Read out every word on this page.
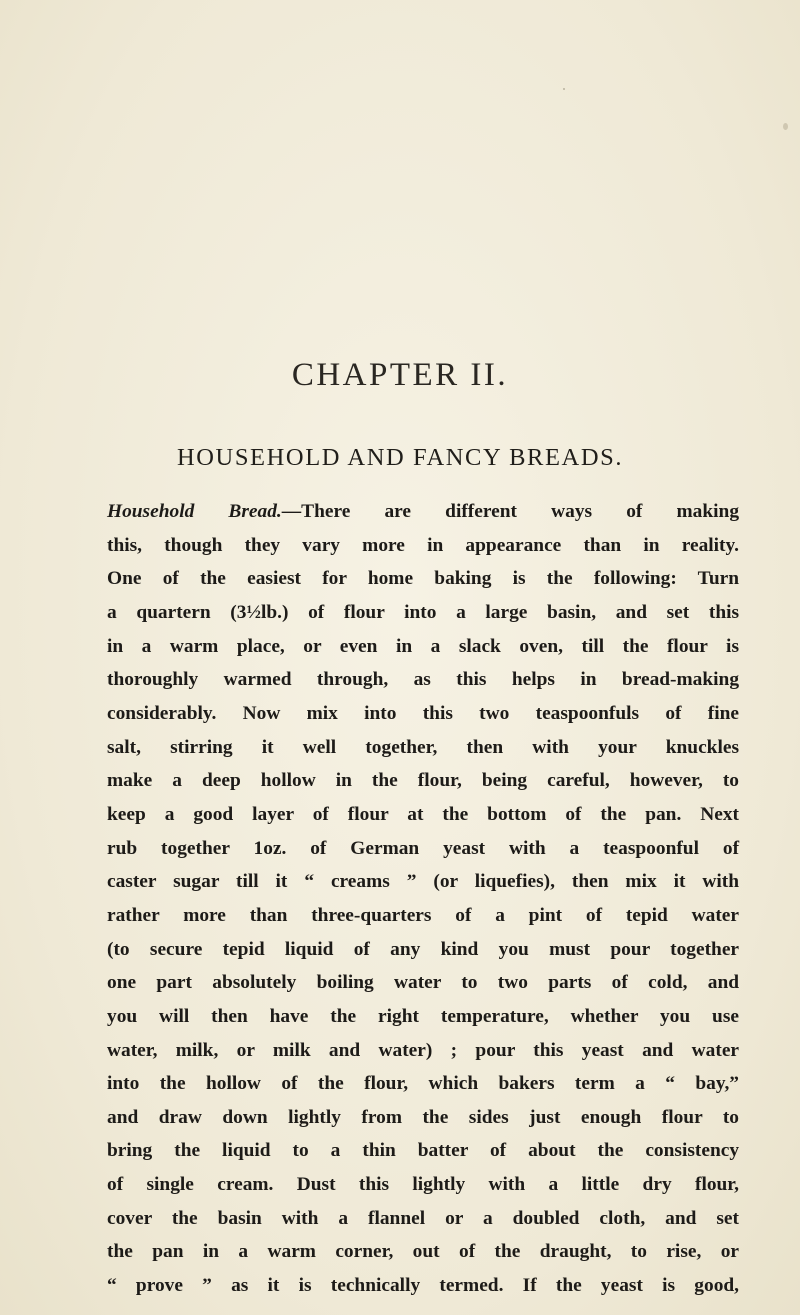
CHAPTER II.
HOUSEHOLD AND FANCY BREADS.
Household Bread.—There are different ways of making
this, though they vary more in appearance than in reality.
One of the easiest for home baking is the following: Turn
a quartern (3½lb.) of flour into a large basin, and set this
in a warm place, or even in a slack oven, till the flour is
thoroughly warmed through, as this helps in bread-making
considerably. Now mix into this two teaspoonfuls of fine
salt, stirring it well together, then with your knuckles
make a deep hollow in the flour, being careful, however, to
keep a good layer of flour at the bottom of the pan. Next
rub together 1oz. of German yeast with a teaspoonful of
caster sugar till it “ creams ” (or liquefies), then mix it with
rather more than three-quarters of a pint of tepid water
(to secure tepid liquid of any kind you must pour together
one part absolutely boiling water to two parts of cold, and
you will then have the right temperature, whether you use
water, milk, or milk and water) ; pour this yeast and water
into the hollow of the flour, which bakers term a “ bay,”
and draw down lightly from the sides just enough flour to
bring the liquid to a thin batter of about the consistency
of single cream. Dust this lightly with a little dry flour,
cover the basin with a flannel or a doubled cloth, and set
the pan in a warm corner, out of the draught, to rise, or
“ prove ” as it is technically termed. If the yeast is good,
